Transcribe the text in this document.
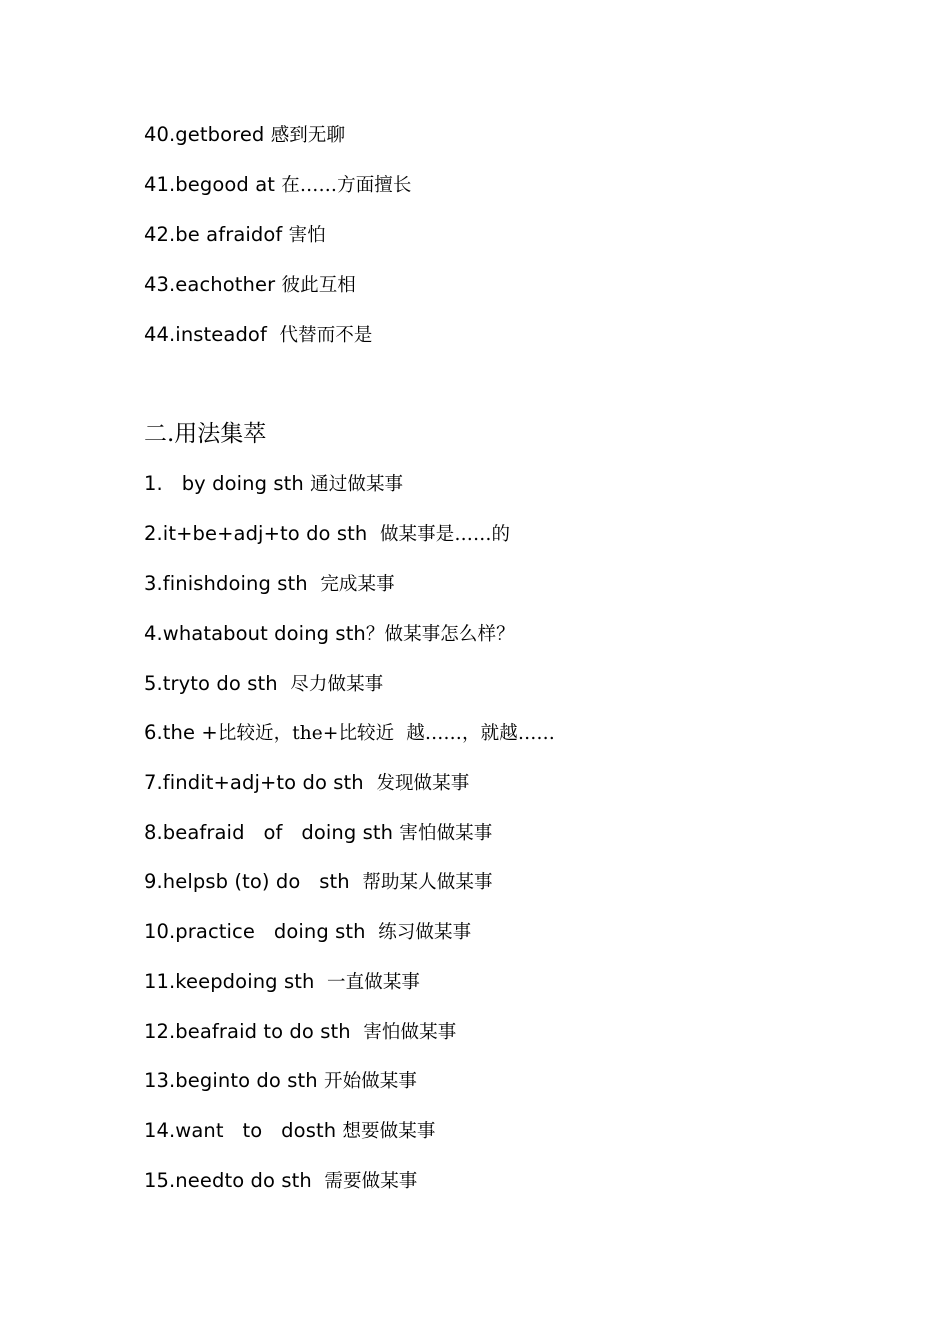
40.getbored 感到无聊
41.begood at 在……方面擅长
42.be afraidof 害怕
43.eachother 彼此互相
44.insteadof  代替而不是
二.用法集萃
1.   by doing sth 通过做某事
2.it+be+adj+to do sth  做某事是……的
3.finishdoing sth  完成某事
4.whatabout doing sth？做某事怎么样？
5.tryto do sth  尽力做某事
6.the +比较近，the+比较近  越……，就越……
7.findit+adj+to do sth  发现做某事
8.beafraid   of   doing sth 害怕做某事
9.helpsb (to) do   sth  帮助某人做某事
10.practice   doing sth  练习做某事
11.keepdoing sth  一直做某事
12.beafraid to do sth  害怕做某事
13.beginto do sth 开始做某事
14.want   to   dosth 想要做某事
15.needto do sth  需要做某事
